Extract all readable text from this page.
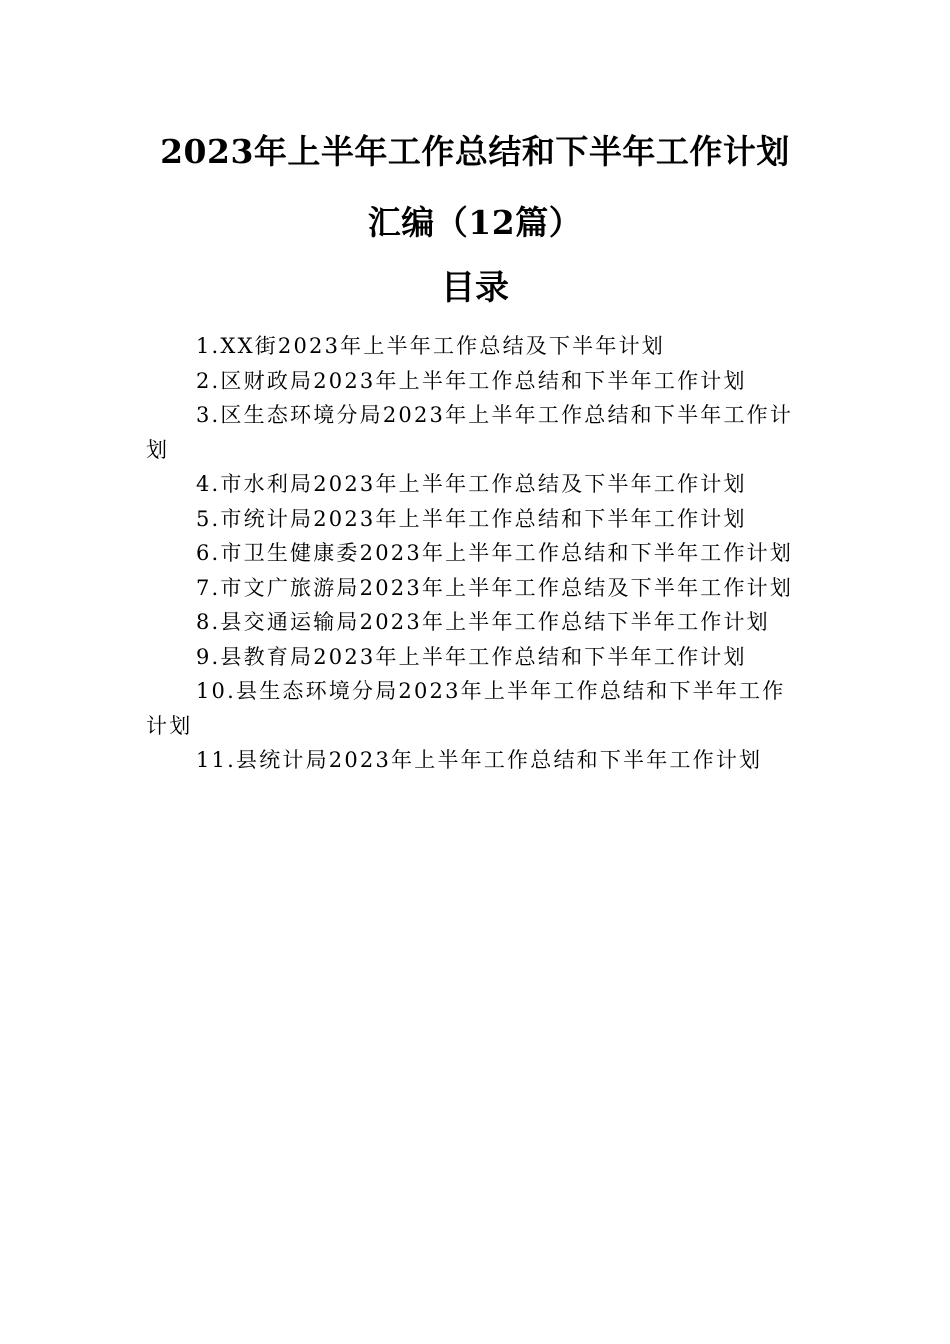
2023年上半年工作总结和下半年工作计划
汇编（12篇）
目录

1.XX街2023年上半年工作总结及下半年计划

2.区财政局2023年上半年工作总结和下半年工作计划

3.区生态环境分局2023年上半年工作总结和下半年工作计划

4.市水利局2023年上半年工作总结及下半年工作计划

5.市统计局2023年上半年工作总结和下半年工作计划

6.市卫生健康委2023年上半年工作总结和下半年工作计划

7.市文广旅游局2023年上半年工作总结及下半年工作计划

8.县交通运输局2023年上半年工作总结下半年工作计划

9.县教育局2023年上半年工作总结和下半年工作计划

10.县生态环境分局2023年上半年工作总结和下半年工作计划

11.县统计局2023年上半年工作总结和下半年工作计划
